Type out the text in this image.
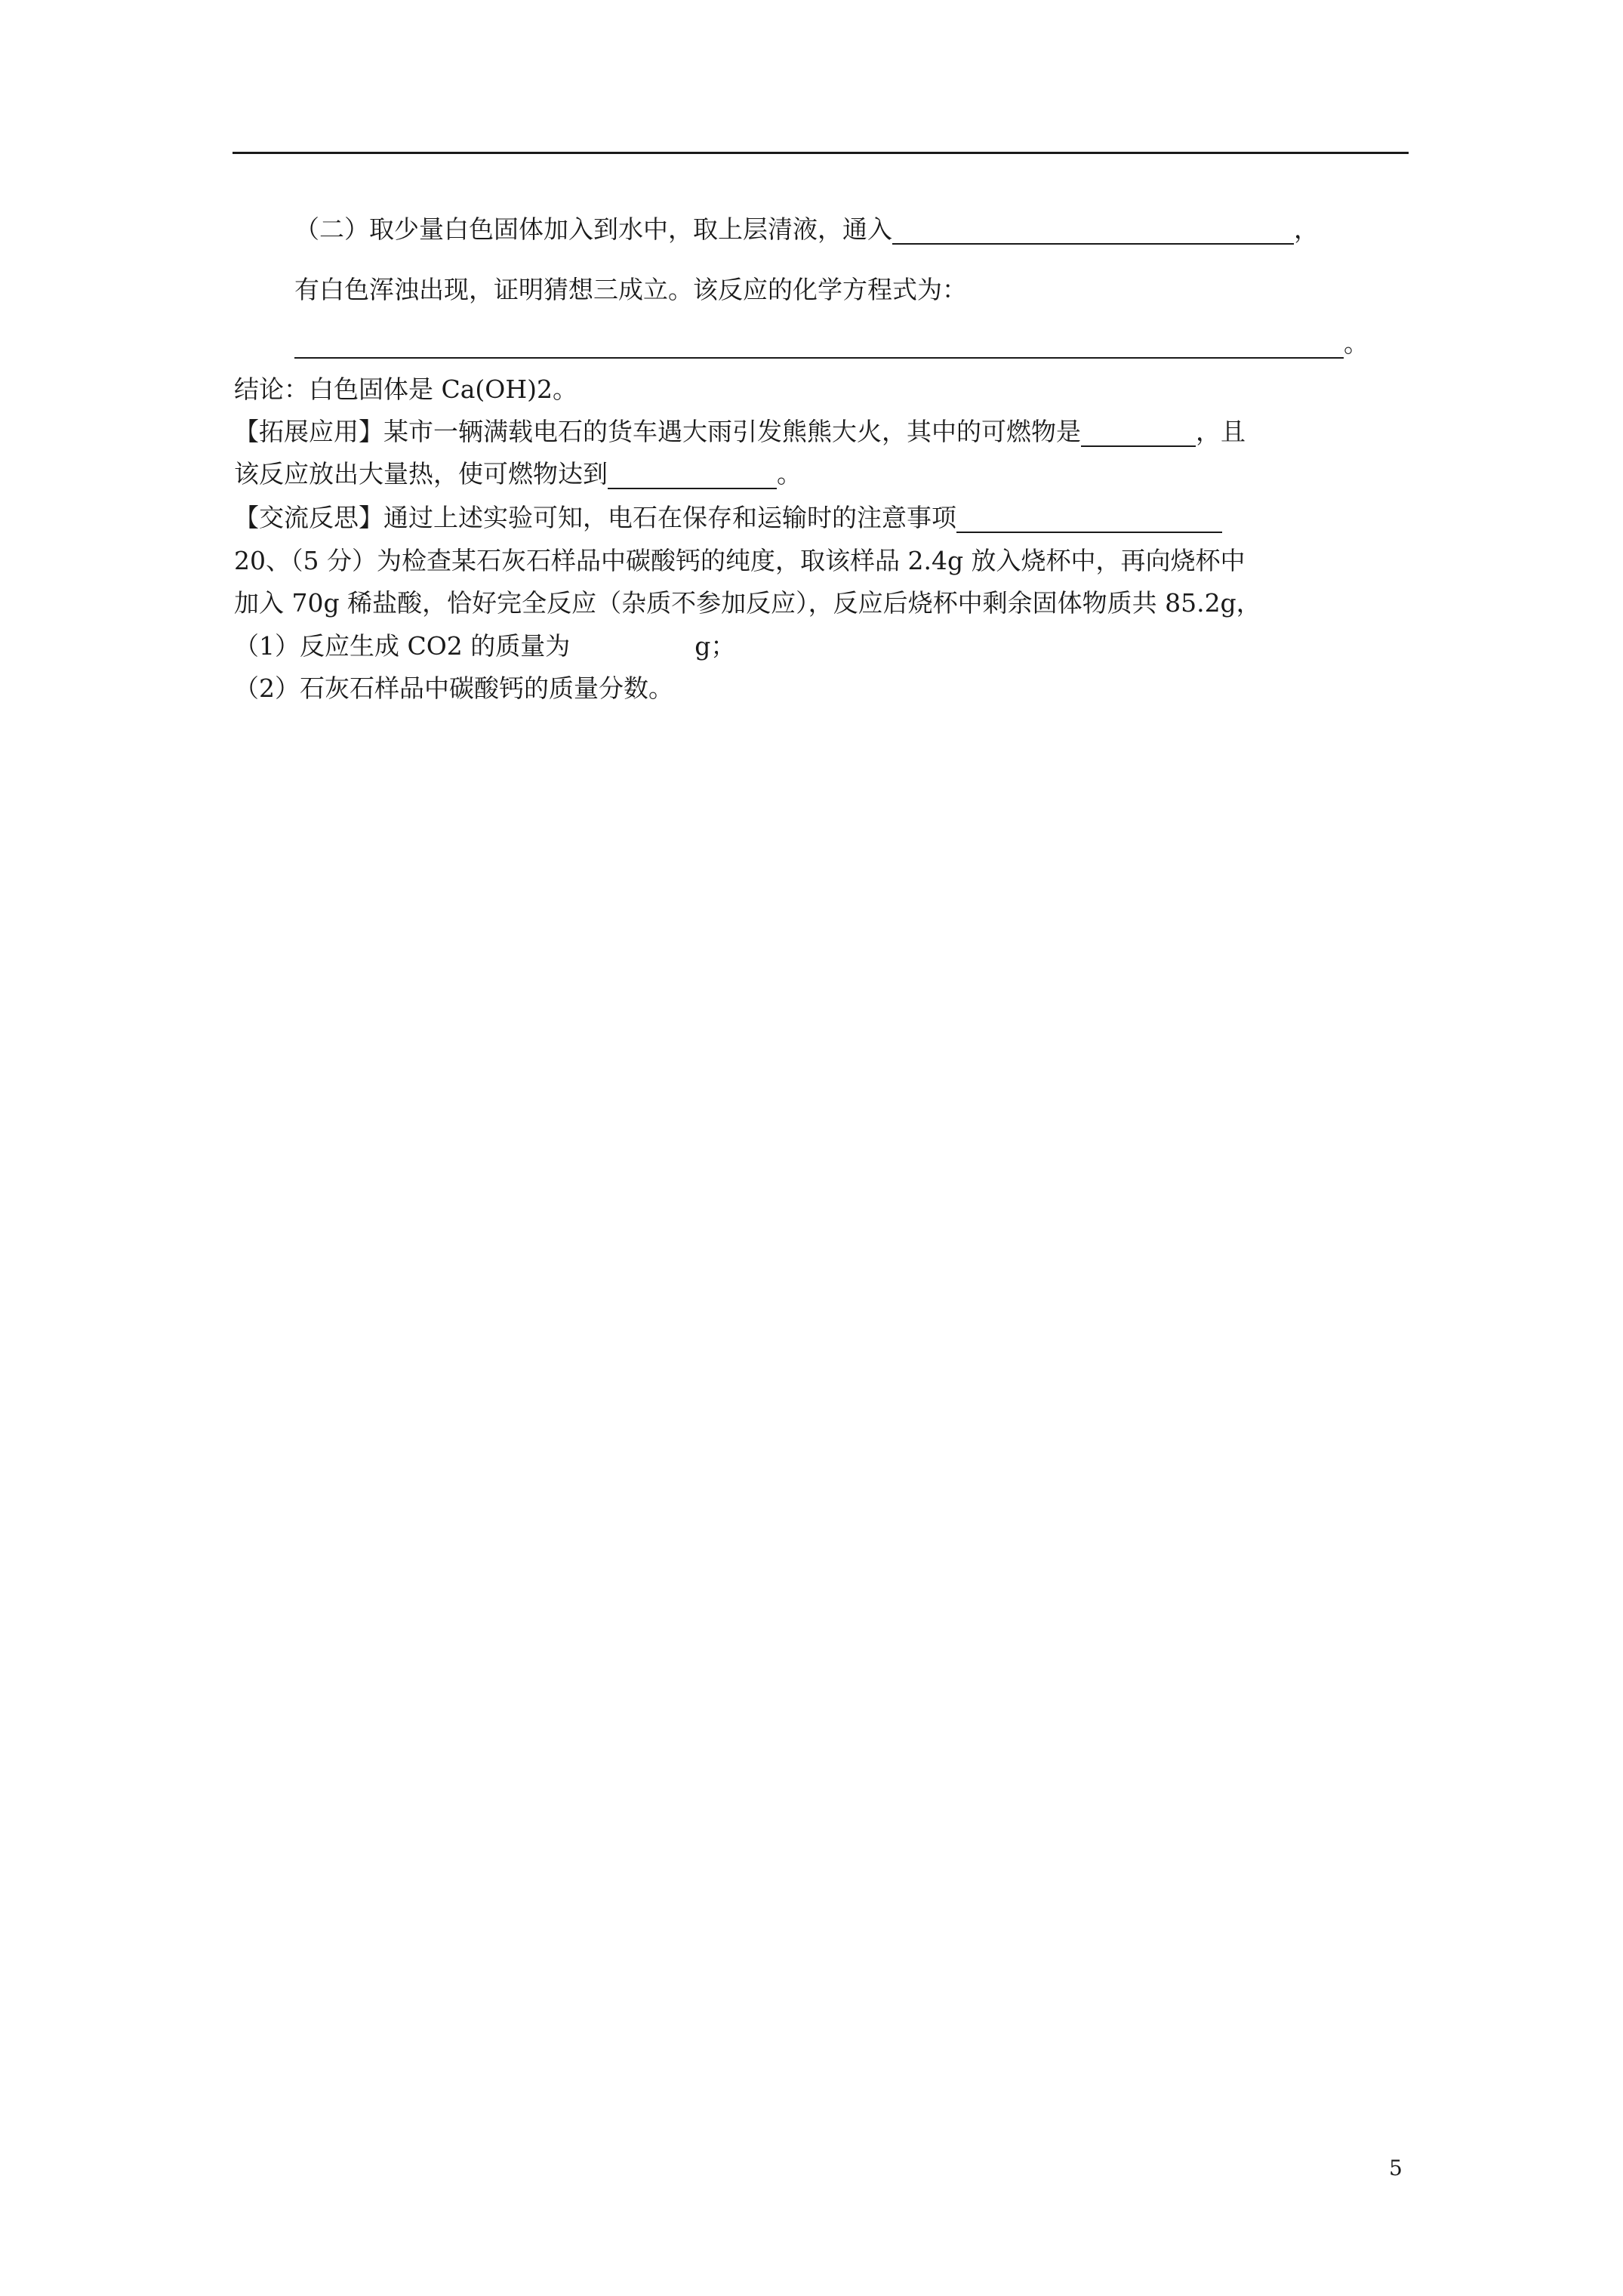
（二）取少量白色固体加入到水中，取上层清液，通入	，
有白色浑浊出现，证明猜想三成立。该反应的化学方程式为：
。
结论：白色固体是 Ca(OH)2。
【拓展应用】某市一辆满载电石的货车遇大雨引发熊熊大火，其中的可燃物是	，且
该反应放出大量热，使可燃物达到	。
【交流反思】通过上述实验可知，电石在保存和运输时的注意事项
20、（5 分）为检查某石灰石样品中碳酸钙的纯度，取该样品 2.4g 放入烧杯中，再向烧杯中
加入 70g 稀盐酸，恰好完全反应（杂质不参加反应），反应后烧杯中剩余固体物质共 85.2g，
（1）反应生成 CO2 的质量为	g；
（2）石灰石样品中碳酸钙的质量分数。
5
